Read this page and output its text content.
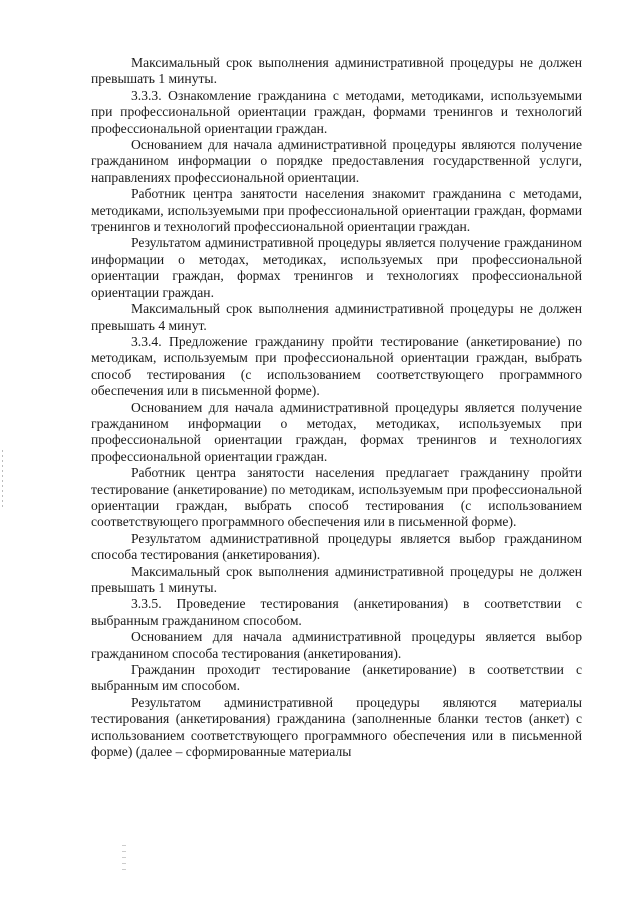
Максимальный срок выполнения административной процедуры не должен превышать 1 минуты.

3.3.3. Ознакомление гражданина с методами, методиками, используемыми при профессиональной ориентации граждан, формами тренингов и технологий профессиональной ориентации граждан.

Основанием для начала административной процедуры являются получение гражданином информации о порядке предоставления государственной услуги, направлениях профессиональной ориентации.

Работник центра занятости населения знакомит гражданина с методами, методиками, используемыми при профессиональной ориентации граждан, формами тренингов и технологий профессиональной ориентации граждан.

Результатом административной процедуры является получение гражданином информации о методах, методиках, используемых при профессиональной ориентации граждан, формах тренингов и технологиях профессиональной ориентации граждан.

Максимальный срок выполнения административной процедуры не должен превышать 4 минут.

3.3.4. Предложение гражданину пройти тестирование (анкетирование) по методикам, используемым при профессиональной ориентации граждан, выбрать способ тестирования (с использованием соответствующего программного обеспечения или в письменной форме).

Основанием для начала административной процедуры является получение гражданином информации о методах, методиках, используемых при профессиональной ориентации граждан, формах тренингов и технологиях профессиональной ориентации граждан.

Работник центра занятости населения предлагает гражданину пройти тестирование (анкетирование) по методикам, используемым при профессиональной ориентации граждан, выбрать способ тестирования (с использованием соответствующего программного обеспечения или в письменной форме).

Результатом административной процедуры является выбор гражданином способа тестирования (анкетирования).

Максимальный срок выполнения административной процедуры не должен превышать 1 минуты.

3.3.5. Проведение тестирования (анкетирования) в соответствии с выбранным гражданином способом.

Основанием для начала административной процедуры является выбор гражданином способа тестирования (анкетирования).

Гражданин проходит тестирование (анкетирование) в соответствии с выбранным им способом.

Результатом административной процедуры являются материалы тестирования (анкетирования) гражданина (заполненные бланки тестов (анкет) с использованием соответствующего программного обеспечения или в письменной форме) (далее – сформированные материалы
